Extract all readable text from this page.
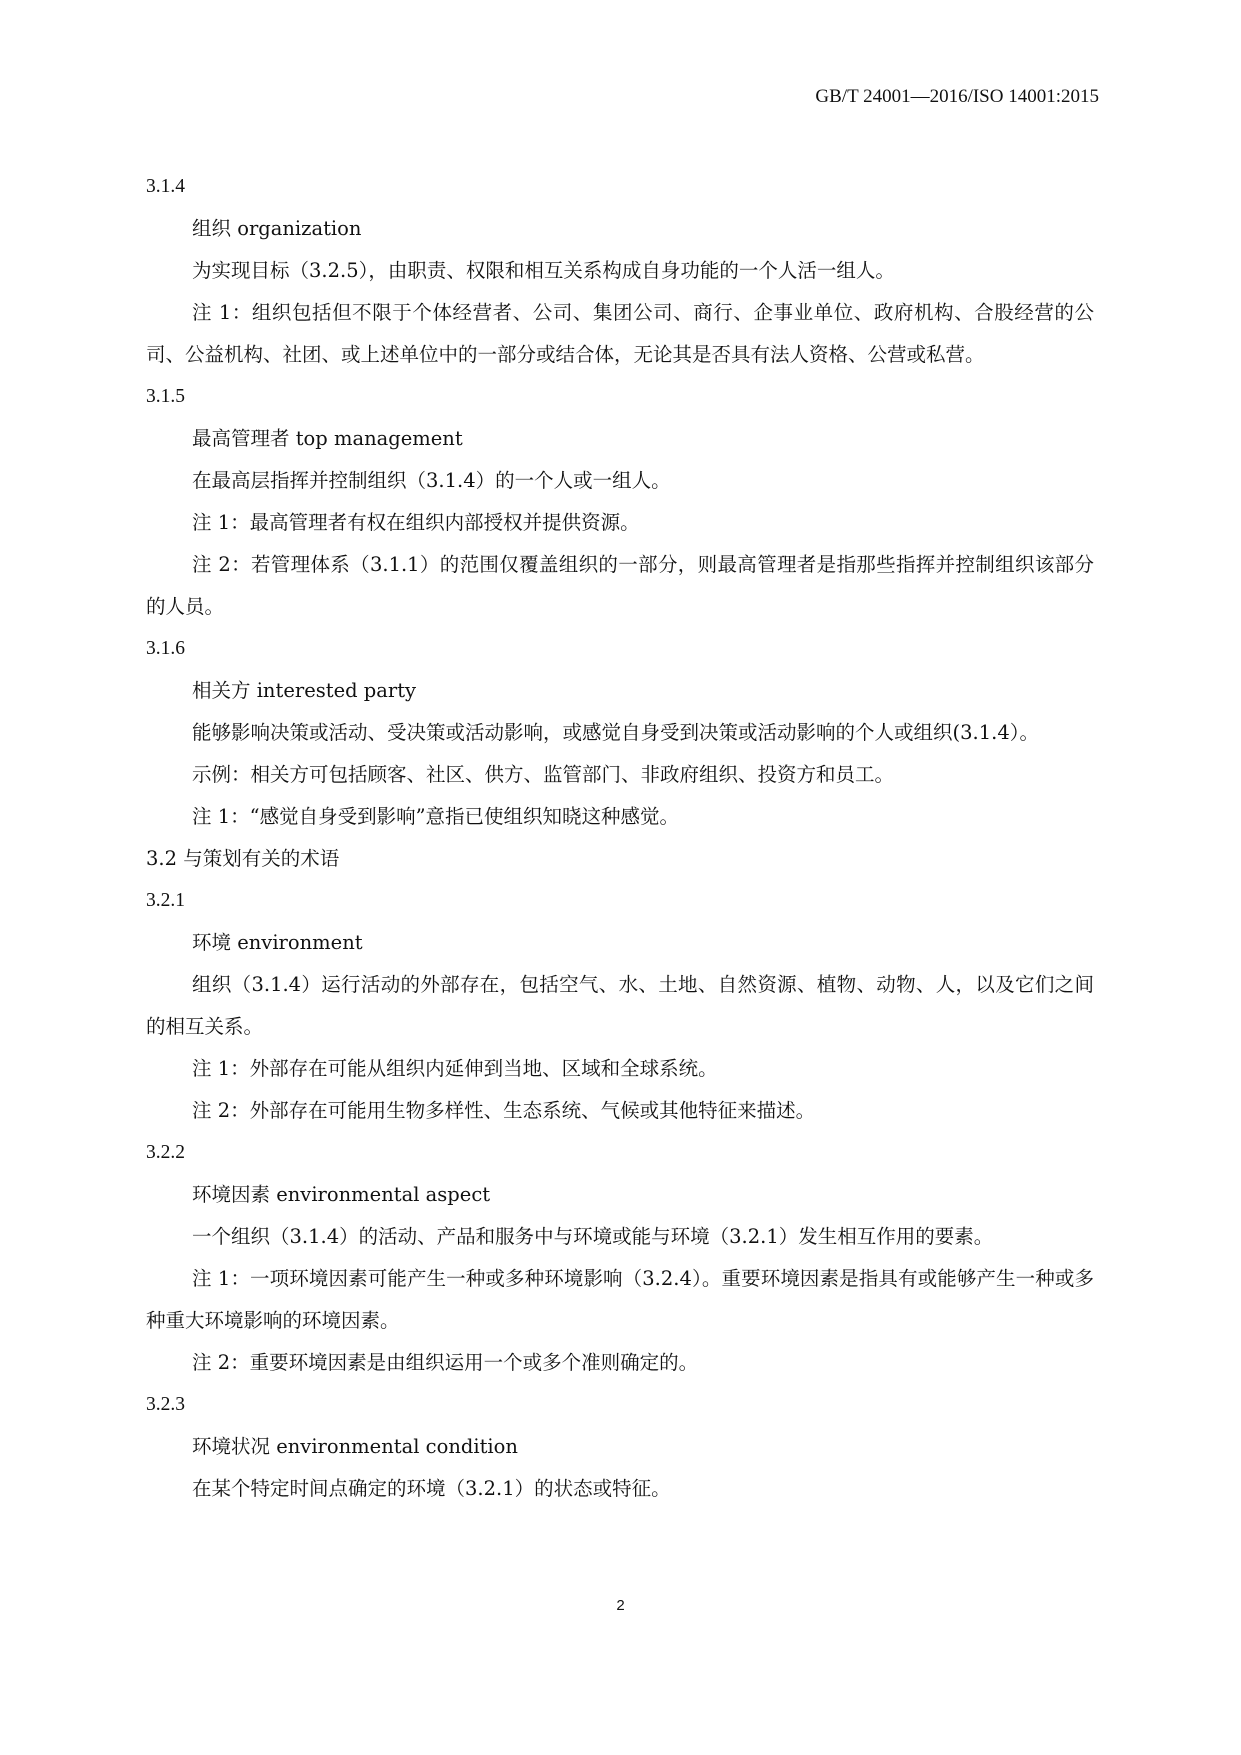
GB/T 24001—2016/ISO 14001:2015
3.1.4
组织 organization
为实现目标（3.2.5），由职责、权限和相互关系构成自身功能的一个人活一组人。
注 1：组织包括但不限于个体经营者、公司、集团公司、商行、企事业单位、政府机构、合股经营的公司、公益机构、社团、或上述单位中的一部分或结合体，无论其是否具有法人资格、公营或私营。
3.1.5
最高管理者 top management
在最高层指挥并控制组织（3.1.4）的一个人或一组人。
注 1：最高管理者有权在组织内部授权并提供资源。
注 2：若管理体系（3.1.1）的范围仅覆盖组织的一部分，则最高管理者是指那些指挥并控制组织该部分的人员。
3.1.6
相关方 interested party
能够影响决策或活动、受决策或活动影响，或感觉自身受到决策或活动影响的个人或组织(3.1.4）。
示例：相关方可包括顾客、社区、供方、监管部门、非政府组织、投资方和员工。
注 1：“感觉自身受到影响”意指已使组织知晓这种感觉。
3.2 与策划有关的术语
3.2.1
环境 environment
组织（3.1.4）运行活动的外部存在，包括空气、水、土地、自然资源、植物、动物、人，以及它们之间的相互关系。
注 1：外部存在可能从组织内延伸到当地、区域和全球系统。
注 2：外部存在可能用生物多样性、生态系统、气候或其他特征来描述。
3.2.2
环境因素 environmental aspect
一个组织（3.1.4）的活动、产品和服务中与环境或能与环境（3.2.1）发生相互作用的要素。
注 1：一项环境因素可能产生一种或多种环境影响（3.2.4）。重要环境因素是指具有或能够产生一种或多种重大环境影响的环境因素。
注 2：重要环境因素是由组织运用一个或多个准则确定的。
3.2.3
环境状况 environmental condition
在某个特定时间点确定的环境（3.2.1）的状态或特征。
2
